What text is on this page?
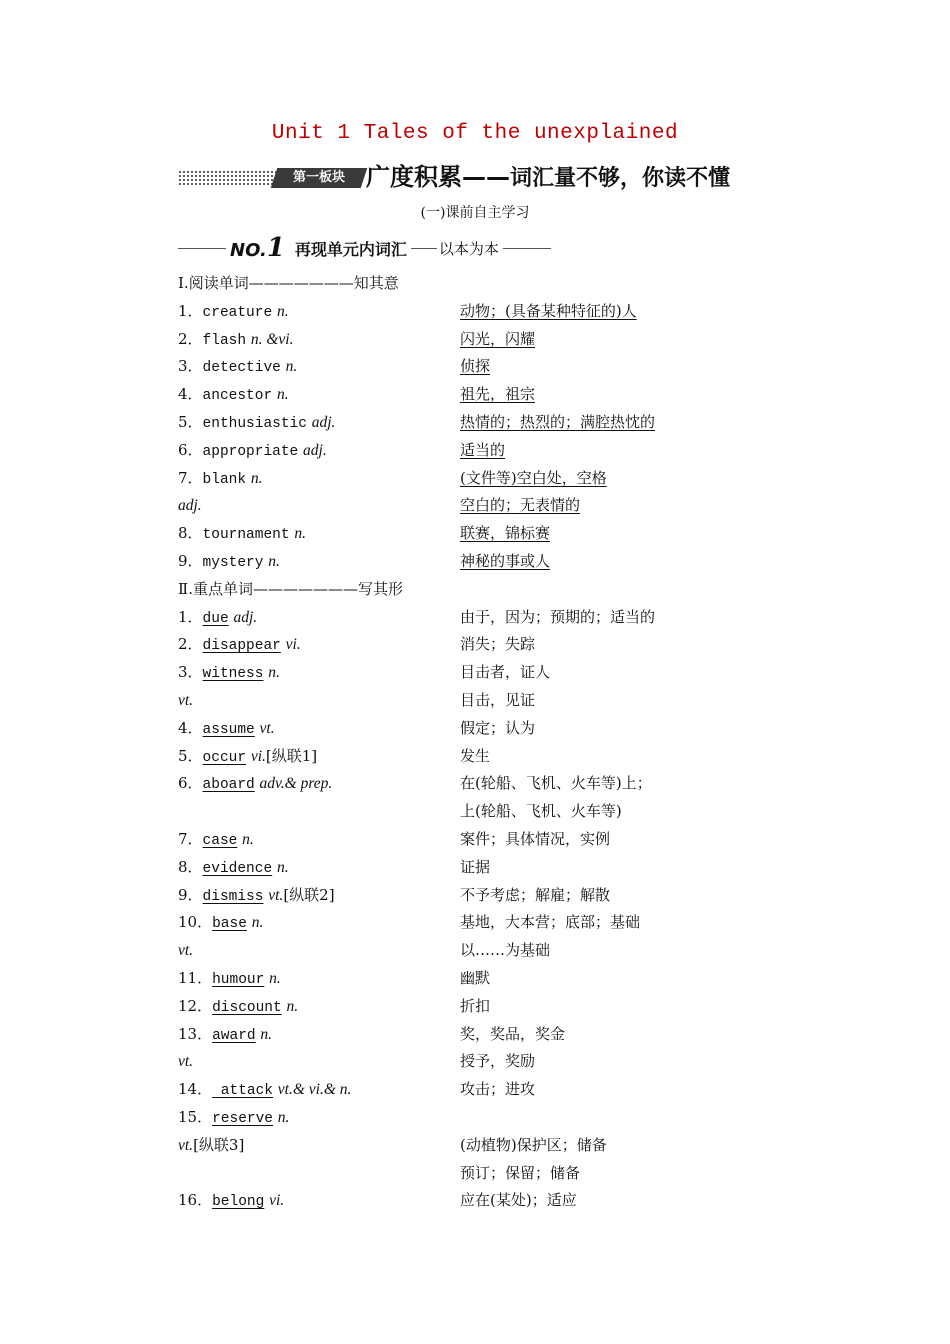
Unit 1 Tales of the unexplained
第一板块 广度积累——词汇量不够，你读不懂
(一)课前自主学习
NO.1 再现单元内词汇 以本为本
Ⅰ.阅读单词———————知其意
1．creature n.	动物；(具备某种特征的)人
2．flash n. &vi.	闪光，闪耀
3．detective n.	侦探
4．ancestor n.	祖先，祖宗
5．enthusiastic adj.	热情的；热烈的；满腔热忱的
6．appropriate adj.	适当的
7．blank n.	(文件等)空白处，空格
adj.	空白的；无表情的
8．tournament n.	联赛，锦标赛
9．mystery n.	神秘的事或人
Ⅱ.重点单词———————写其形
1．due adj.	由于，因为；预期的；适当的
2．disappear vi.	消失；失踪
3．witness n.	目击者，证人
vt.	目击，见证
4．assume vt.	假定；认为
5．occur vi.[纵联1]	发生
6．aboard adv.& prep.	在(轮船、飞机、火车等)上；
上(轮船、飞机、火车等)
7．case n.	案件；具体情况，实例
8．evidence n.	证据
9．dismiss vt.[纵联2]	不予考虑；解雇；解散
10．base n.	基地，大本营；底部；基础
vt.	以……为基础
11．humour n.	幽默
12．discount n.	折扣
13．award n.	奖，奖品，奖金
vt.	授予，奖励
14． attack vt.& vi.& n.	攻击；进攻
15．reserve n.
vt.[纵联3]	(动植物)保护区；储备
预订；保留；储备
16．belong vi.	应在(某处)；适应
